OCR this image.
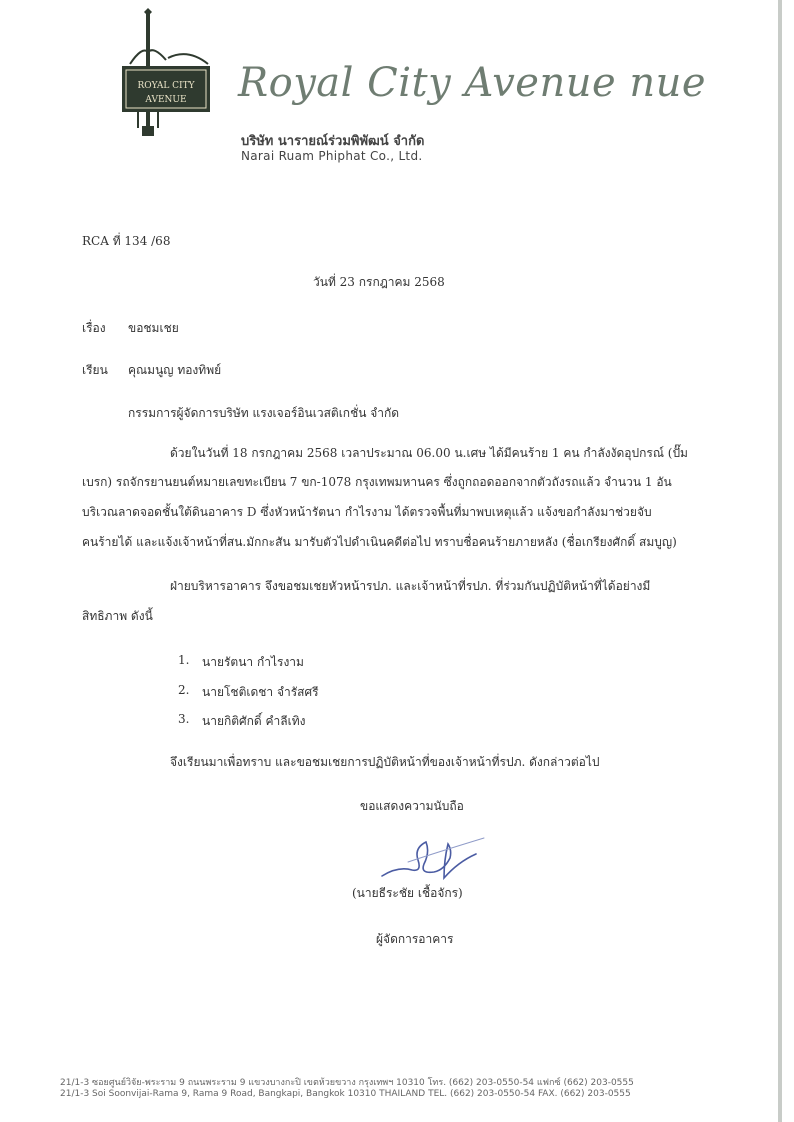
ROYAL CITY
AVENUE Royal City Avenue nue
บริษัท นารายณ์ร่วมพิพัฒน์ จำกัด
Narai Ruam Phiphat Co., Ltd.
RCA ที่ 134 /68
วันที่ 23 กรกฎาคม 2568
เรื่อง ขอชมเชย
เรียน คุณมนูญ ทองทิพย์
กรรมการผู้จัดการบริษัท แรงเจอร์อินเวสติเกชั่น จำกัด
ด้วยในวันที่ 18 กรกฎาคม 2568 เวลาประมาณ 06.00 น.เศษ ได้มีคนร้าย 1 คน กำลังงัดอุปกรณ์ (ปั๊ม
เบรก) รถจักรยานยนต์หมายเลขทะเบียน 7 ขก-1078 กรุงเทพมหานคร ซึ่งถูกถอดออกจากตัวถังรถแล้ว จำนวน 1 อัน
บริเวณลาดจอดชั้นใต้ดินอาคาร D ซึ่งหัวหน้ารัตนา กำไรงาม ได้ตรวจพื้นที่มาพบเหตุแล้ว แจ้งขอกำลังมาช่วยจับ
คนร้ายได้ และแจ้งเจ้าหน้าที่สน.มักกะสัน มารับตัวไปดำเนินคดีต่อไป ทราบชื่อคนร้ายภายหลัง (ชื่อเกรียงศักดิ์ สมบูญ)
ฝ่ายบริหารอาคาร จึงขอชมเชยหัวหน้ารปภ. และเจ้าหน้าที่รปภ. ที่ร่วมกันปฏิบัติหน้าที่ได้อย่างมี
สิทธิภาพ ดังนี้
1. นายรัตนา กำไรงาม
2. นายโชติเดชา จำรัสศรี
3. นายกิติศักดิ์ คำลีเทิง
จึงเรียนมาเพื่อทราบ และขอชมเชยการปฏิบัติหน้าที่ของเจ้าหน้าที่รปภ. ดังกล่าวต่อไป
ขอแสดงความนับถือ
(นายธีระชัย เชื้อจักร)
ผู้จัดการอาคาร
21/1-3 ซอยศูนย์วิจัย-พระราม 9 ถนนพระราม 9 แขวงบางกะปิ เขตห้วยขวาง กรุงเทพฯ 10310 โทร. (662) 203-0550-54 แฟกซ์ (662) 203-0555
21/1-3 Soi Soonvijai-Rama 9, Rama 9 Road, Bangkapi, Bangkok 10310 THAILAND TEL. (662) 203-0550-54 FAX. (662) 203-0555
